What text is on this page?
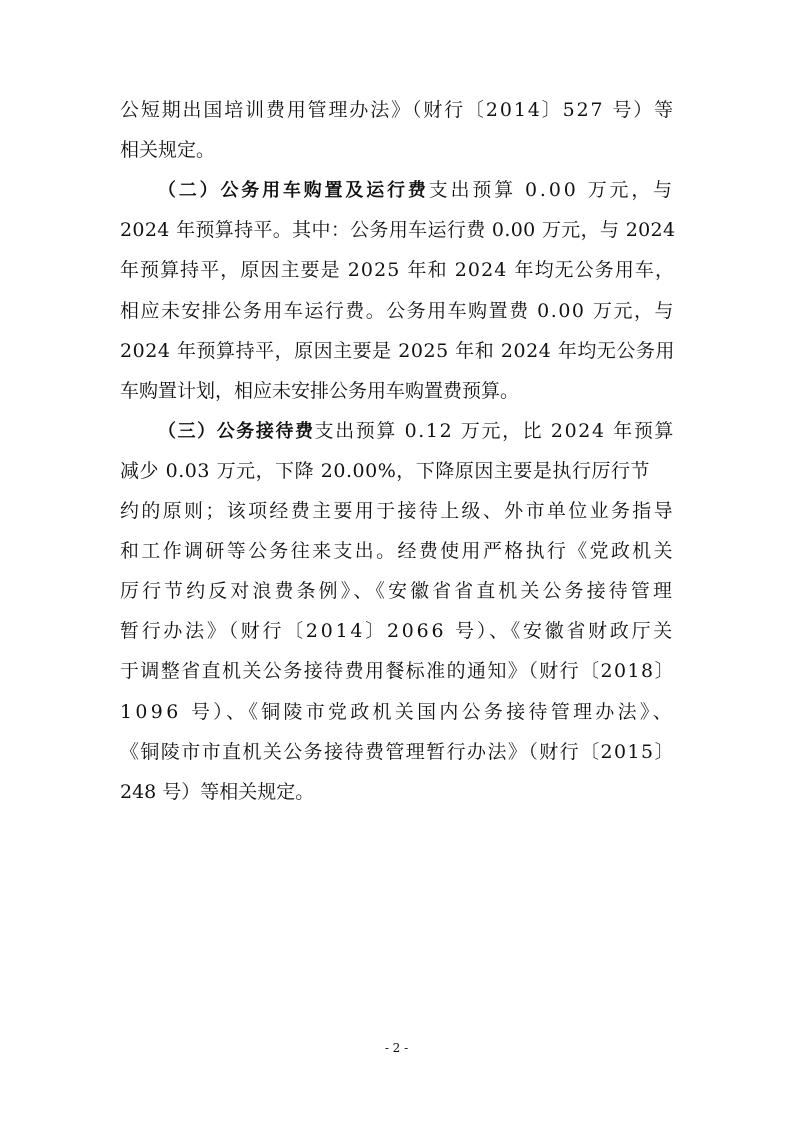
公短期出国培训费用管理办法》（财行〔2014〕527 号）等
相关规定。
（二）公务用车购置及运行费支出预算 0.00 万元，与
2024 年预算持平。其中：公务用车运行费 0.00 万元，与 2024
年预算持平，原因主要是 2025 年和 2024 年均无公务用车，
相应未安排公务用车运行费。公务用车购置费 0.00 万元，与
2024 年预算持平，原因主要是 2025 年和 2024 年均无公务用
车购置计划，相应未安排公务用车购置费预算。
（三）公务接待费支出预算 0.12 万元，比 2024 年预算
减少 0.03 万元，下降 20.00%，下降原因主要是执行厉行节
约的原则；该项经费主要用于接待上级、外市单位业务指导
和工作调研等公务往来支出。经费使用严格执行《党政机关
厉行节约反对浪费条例》、《安徽省省直机关公务接待管理
暂行办法》（财行〔2014〕2066 号）、《安徽省财政厅关
于调整省直机关公务接待费用餐标准的通知》（财行〔2018〕
1096 号）、《铜陵市党政机关国内公务接待管理办法》、
《铜陵市市直机关公务接待费管理暂行办法》（财行〔2015〕
248 号）等相关规定。
- 2 -
